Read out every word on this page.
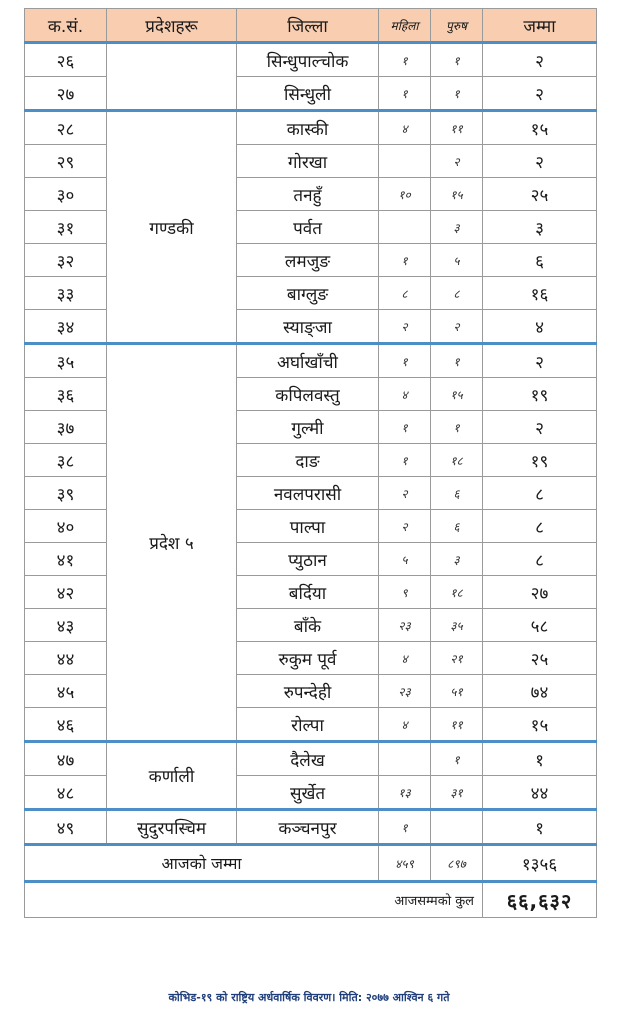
क.सं.	प्रदेशहरू	जिल्ला	महिला	पुरुष	जम्मा
२६		सिन्धुपाल्चोक	१	१	२
२७		सिन्धुली	१	१	२
२८	गण्डकी	कास्की	४	११	१५
२९		गोरखा		२	२
३०		तनहुँ	१०	१५	२५
३१		पर्वत		३	३
३२		लमजुङ	१	५	६
३३		बाग्लुङ	८	८	१६
३४		स्याङ्जा	२	२	४
३५	प्रदेश ५	अर्घाखाँची	१	१	२
३६		कपिलवस्तु	४	१५	१९
३७		गुल्मी	१	१	२
३८		दाङ	१	१८	१९
३९		नवलपरासी	२	६	८
४०		पाल्पा	२	६	८
४१		प्युठान	५	३	८
४२		बर्दिया	९	१८	२७
४३		बाँके	२३	३५	५८
४४		रुकुम पूर्व	४	२१	२५
४५		रुपन्देही	२३	५१	७४
४६		रोल्पा	४	११	१५
४७	कर्णाली	दैलेख		१	१
४८		सुर्खेत	१३	३१	४४
४९	सुदुरपस्चिम	कञ्चनपुर	१		१
आजको जम्मा			४५९	८९७	१३५६
आजसम्मको कुल					६६,६३२
कोभिड-१९ को राष्ट्रिय अर्धवार्षिक विवरण। मिति: २०७७ आश्विन ६ गते
